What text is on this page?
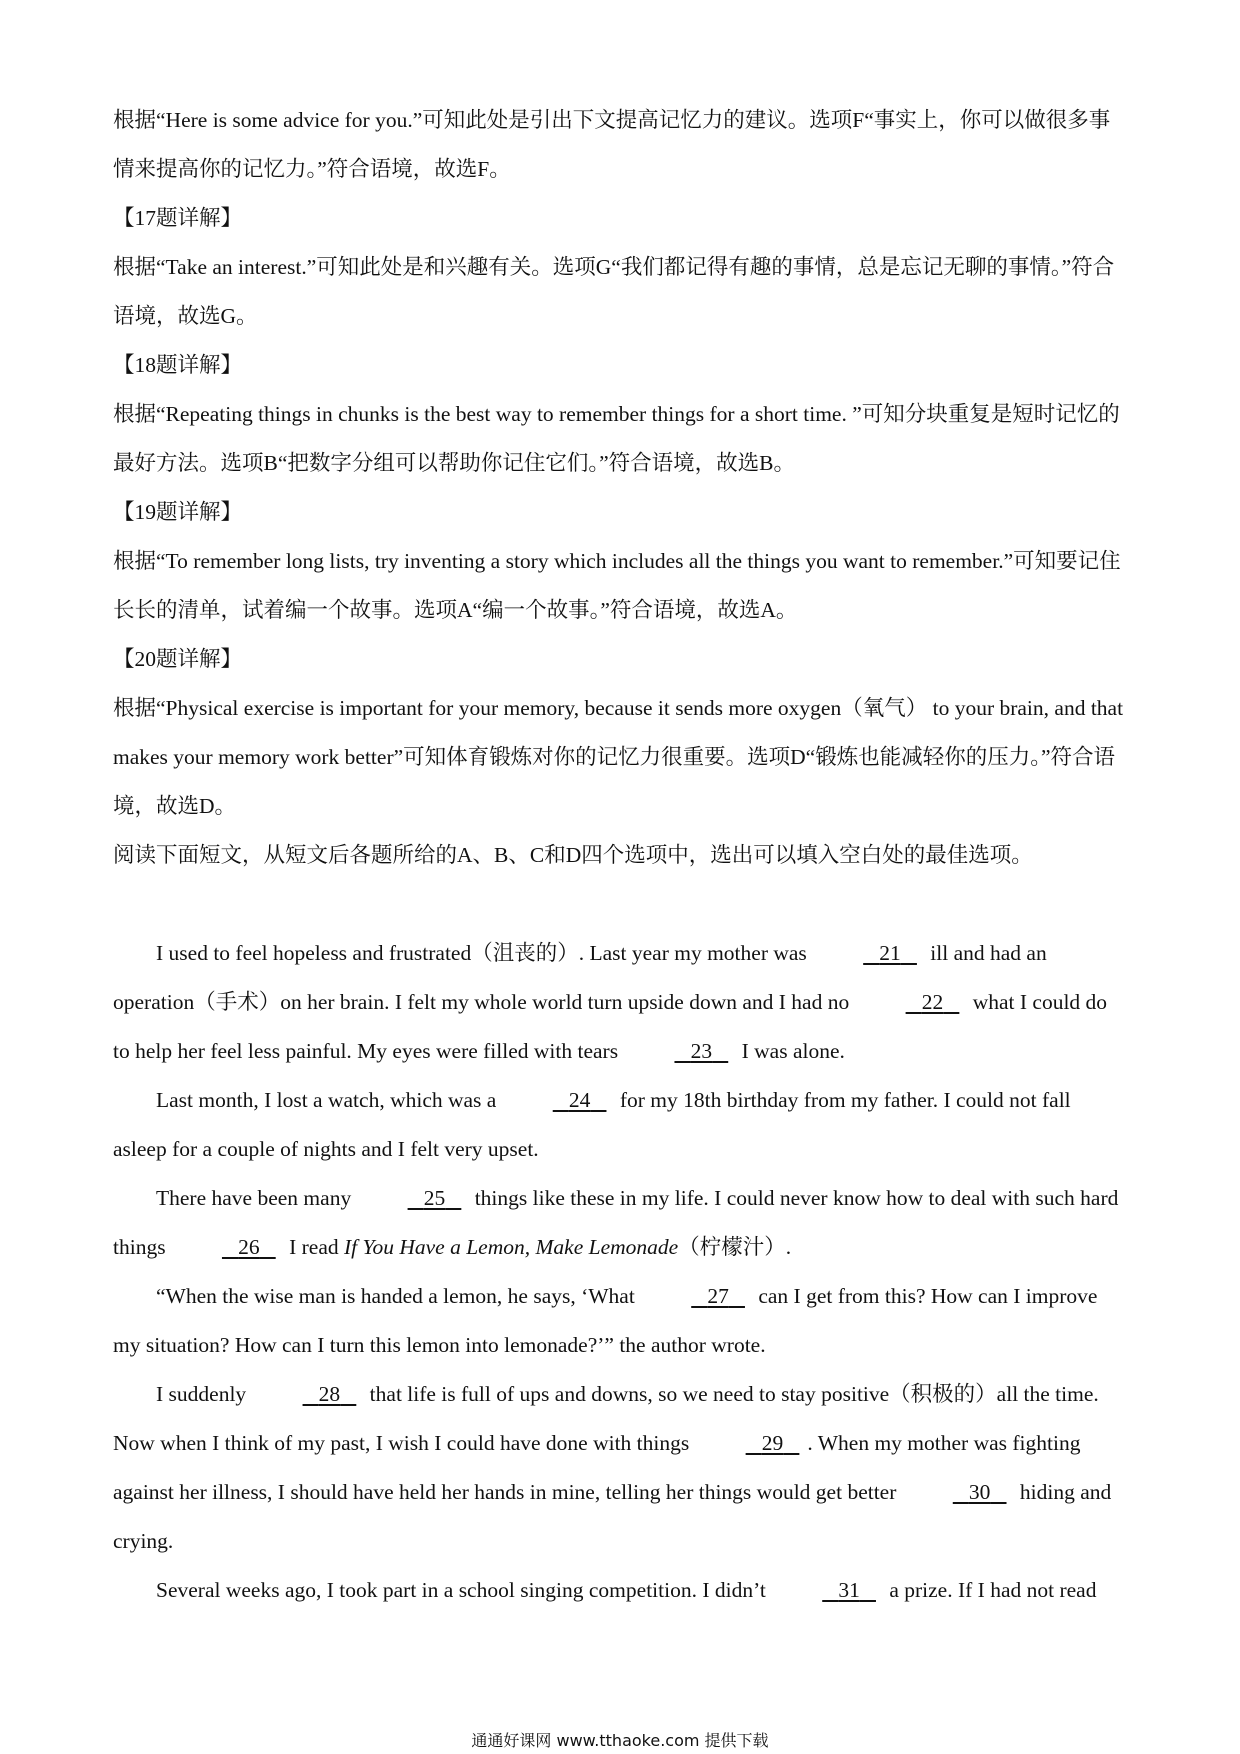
根据“Here is some advice for you.”可知此处是引出下文提高记忆力的建议。选项F“事实上，你可以做很多事情来提高你的记忆力。”符合语境，故选F。

【17题详解】

根据“Take an interest.”可知此处是和兴趣有关。选项G“我们都记得有趣的事情，总是忘记无聊的事情。”符合语境，故选G。

【18题详解】

根据“Repeating things in chunks is the best way to remember things for a short time. ”可知分块重复是短时记忆的最好方法。选项B“把数字分组可以帮助你记住它们。”符合语境，故选B。

【19题详解】

根据“To remember long lists, try inventing a story which includes all the things you want to remember.”可知要记住长长的清单，试着编一个故事。选项A“编一个故事。”符合语境，故选A。

【20题详解】

根据“Physical exercise is important for your memory, because it sends more oxygen（氧气） to your brain, and that makes your memory work better”可知体育锻炼对你的记忆力很重要。选项D“锻炼也能减轻你的压力。”符合语境，故选D。

阅读下面短文，从短文后各题所给的A、B、C和D四个选项中，选出可以填入空白处的最佳选项。

I used to feel hopeless and frustrated（沮丧的）. Last year my mother was	21 ill and had an operation（手术）on her brain. I felt my whole world turn upside down and I had no	22 what I could do to help her feel less painful. My eyes were filled with tears	23 I was alone.

Last month, I lost a watch, which was a	24 for my 18th birthday from my father. I could not fall asleep for a couple of nights and I felt very upset.

There have been many	25 things like these in my life. I could never know how to deal with such hard things	26 I read If You Have a Lemon, Make Lemonade（柠檬汁）.

“When the wise man is handed a lemon, he says, ‘What	27 can I get from this? How can I improve my situation? How can I turn this lemon into lemonade?’” the author wrote.

I suddenly	28 that life is full of ups and downs, so we need to stay positive（积极的）all the time. Now when I think of my past, I wish I could have done with things	29 . When my mother was fighting against her illness, I should have held her hands in mine, telling her things would get better	30 hiding and crying.

Several weeks ago, I took part in a school singing competition. I didn’t	31 a prize. If I had not read

通通好课网 www.tthaoke.com 提供下载
